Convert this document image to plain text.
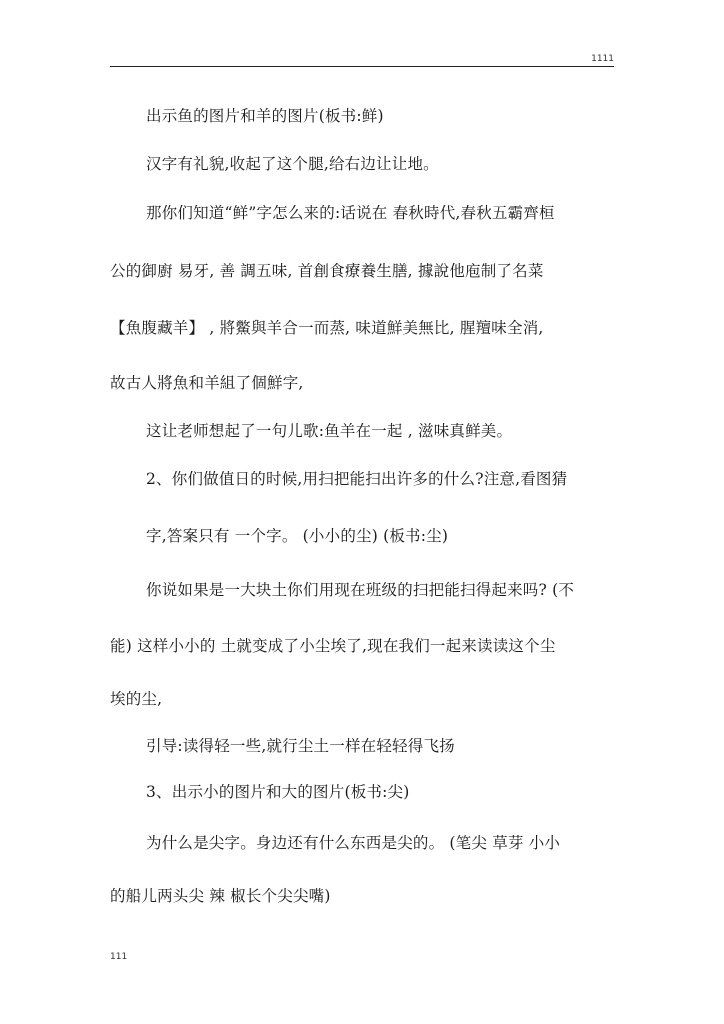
1111
出示鱼的图片和羊的图片(板书:鲜)
汉字有礼貌,收起了这个腿,给右边让让地。
那你们知道“鲜”字怎么来的:话说在 春秋時代,春秋五霸齊桓
公的御廚 易牙, 善 調五味, 首創食療養生膳, 據說他庖制了名菜
【魚腹藏羊】 , 將鱉與羊合一而蒸, 味道鮮美無比, 腥羶味全消,
故古人將魚和羊組了個鮮字,
这让老师想起了一句儿歌:鱼羊在一起 , 滋味真鲜美。
2、你们做值日的时候,用扫把能扫出许多的什么?注意,看图猜
字,答案只有 一个字。 (小小的尘) (板书:尘)
你说如果是一大块土你们用现在班级的扫把能扫得起来吗? (不
能) 这样小小的 土就变成了小尘埃了,现在我们一起来读读这个尘
埃的尘,
引导:读得轻一些,就行尘土一样在轻轻得飞扬
3、出示小的图片和大的图片(板书:尖)
为什么是尖字。身边还有什么东西是尖的。 (笔尖 草芽 小小
的船儿两头尖 辣 椒长个尖尖嘴)
111
